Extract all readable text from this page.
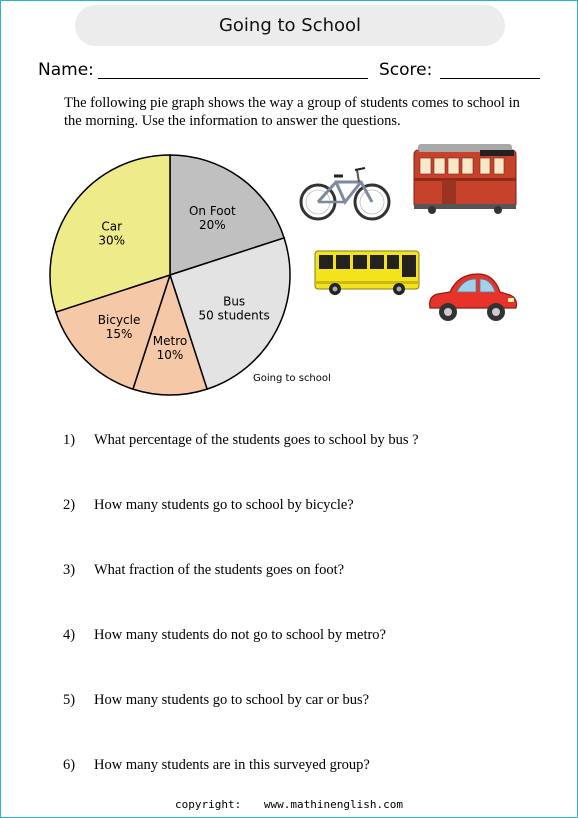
Going to School
Name:	Score:

The following pie graph shows the way a group of students comes to school in the morning. Use the information to answer the questions.

On Foot
20%
Bus
50 students
Metro
10%
Bicycle
15%
Car
30%
Going to school
1) What percentage of the students goes to school by bus ?
2) How many students go to school by bicycle?
3) What fraction of the students goes on foot?
4) How many students do not go to school by metro?
5) How many students go to school by car or bus?
6) How many students are in this surveyed group?
copyright: www.mathinenglish.com
